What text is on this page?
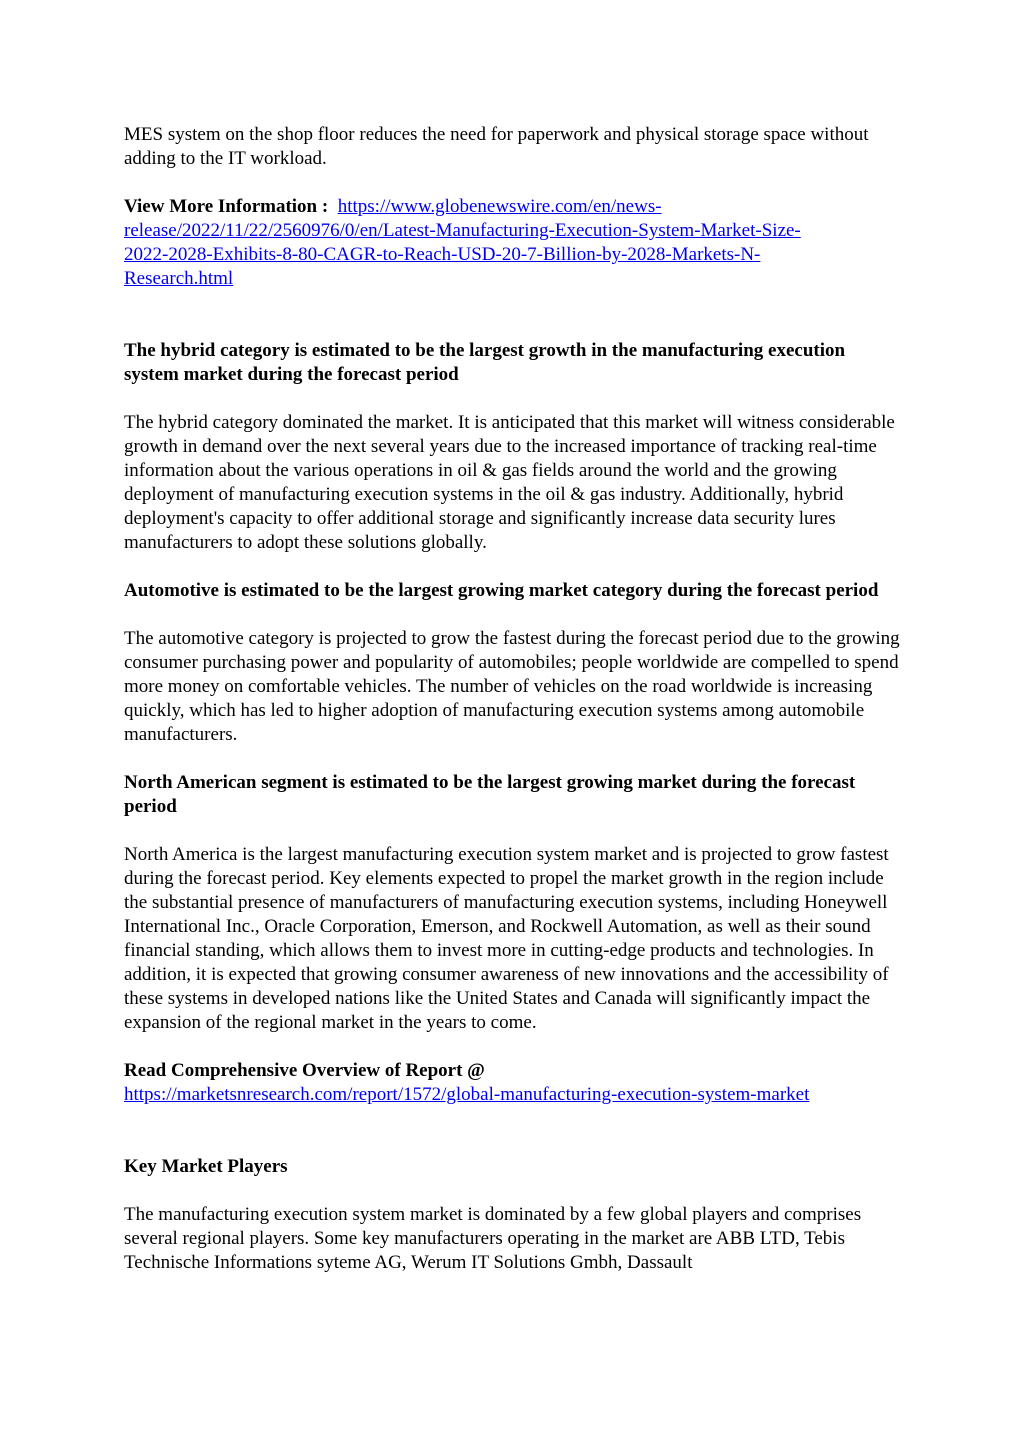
MES system on the shop floor reduces the need for paperwork and physical storage space without adding to the IT workload.

View More Information : https://www.globenewswire.com/en/news-
release/2022/11/22/2560976/0/en/Latest-Manufacturing-Execution-System-Market-Size-
2022-2028-Exhibits-8-80-CAGR-to-Reach-USD-20-7-Billion-by-2028-Markets-N-
Research.html

The hybrid category is estimated to be the largest growth in the manufacturing execution system market during the forecast period

The hybrid category dominated the market. It is anticipated that this market will witness considerable growth in demand over the next several years due to the increased importance of tracking real-time information about the various operations in oil & gas fields around the world and the growing deployment of manufacturing execution systems in the oil & gas industry. Additionally, hybrid deployment's capacity to offer additional storage and significantly increase data security lures manufacturers to adopt these solutions globally.

Automotive is estimated to be the largest growing market category during the forecast period

The automotive category is projected to grow the fastest during the forecast period due to the growing consumer purchasing power and popularity of automobiles; people worldwide are compelled to spend more money on comfortable vehicles. The number of vehicles on the road worldwide is increasing quickly, which has led to higher adoption of manufacturing execution systems among automobile manufacturers.

North American segment is estimated to be the largest growing market during the forecast period

North America is the largest manufacturing execution system market and is projected to grow fastest during the forecast period. Key elements expected to propel the market growth in the region include the substantial presence of manufacturers of manufacturing execution systems, including Honeywell International Inc., Oracle Corporation, Emerson, and Rockwell Automation, as well as their sound financial standing, which allows them to invest more in cutting-edge products and technologies. In addition, it is expected that growing consumer awareness of new innovations and the accessibility of these systems in developed nations like the United States and Canada will significantly impact the expansion of the regional market in the years to come.

Read Comprehensive Overview of Report @
https://marketsnresearch.com/report/1572/global-manufacturing-execution-system-market

Key Market Players

The manufacturing execution system market is dominated by a few global players and comprises several regional players. Some key manufacturers operating in the market are ABB LTD, Tebis Technische Informations syteme AG, Werum IT Solutions Gmbh, Dassault
